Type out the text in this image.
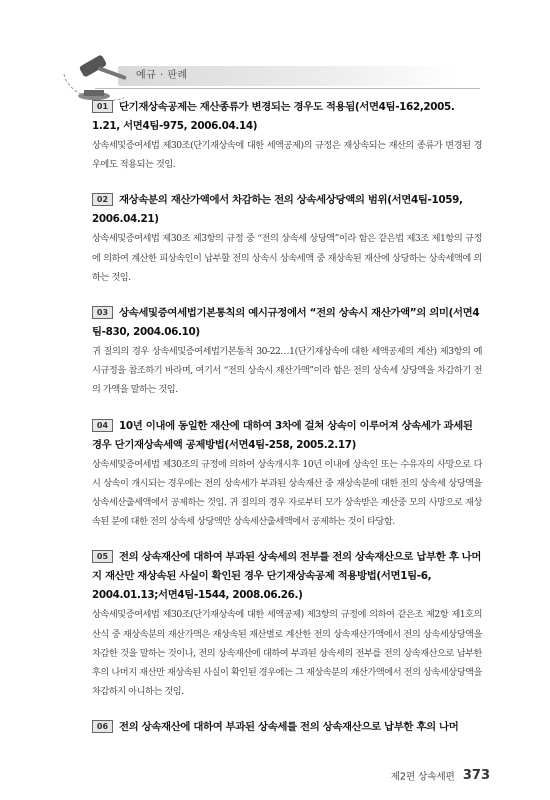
예규 · 판례
01 단기재상속공제는 재산종류가 변경되는 경우도 적용됨(서면4팀-162,2005. 1.21, 서면4팀-975, 2006.04.14)
상속세및증여세법 제30조(단기재상속에 대한 세액공제)의 규정은 재상속되는 재산의 종류가 변경된 경우에도 적용되는 것임.
02 재상속분의 재산가액에서 차감하는 전의 상속세상당액의 범위(서면4팀-1059, 2006.04.21)
상속세및증여세법 제30조 제3항의 규정 중 “전의 상속세 상당액”이라 함은 같은법 제3조 제1항의 규정에 의하여 계산한 피상속인이 납부할 전의 상속시 상속세액 중 재상속된 재산에 상당하는 상속세액에 의하는 것임.
03 상속세및증여세법기본통칙의 예시규정에서 “전의 상속시 재산가액”의 의미(서면4팀-830, 2004.06.10)
귀 질의의 경우 상속세및증여세법기본통칙 30-22…1(단기재상속에 대한 세액공제의 계산) 제3항의 예시규정을 참조하기 바라며, 여기서 “전의 상속시 재산가액”이라 함은 전의 상속세 상당액을 차감하기 전의 가액을 말하는 것임.
04 10년 이내에 동일한 재산에 대하여 3차에 걸쳐 상속이 이루어져 상속세가 과세된 경우 단기재상속세액 공제방법(서면4팀-258, 2005.2.17)
상속세및증여세법 제30조의 규정에 의하여 상속개시후 10년 이내에 상속인 또는 수유자의 사망으로 다시 상속이 개시되는 경우에는 전의 상속세가 부과된 상속재산 중 재상속분에 대한 전의 상속세 상당액을 상속세산출세액에서 공제하는 것임. 귀 질의의 경우 자로부터 모가 상속받은 재산중 모의 사망으로 재상속된 분에 대한 전의 상속세 상당액만 상속세산출세액에서 공제하는 것이 타당함.
05 전의 상속재산에 대하여 부과된 상속세의 전부를 전의 상속재산으로 납부한 후 나머지 재산만 재상속된 사실이 확인된 경우 단기재상속공제 적용방법(서면1팀-6, 2004.01.13;서면4팀-1544, 2008.06.26.)
상속세및증여세법 제30조(단기재상속에 대한 세액공제) 제3항의 규정에 의하여 같은조 제2항 제1호의 산식 중 재상속분의 재산가액은 재상속된 재산별로 계산한 전의 상속재산가액에서 전의 상속세상당액을 차감한 것을 말하는 것이나, 전의 상속재산에 대하여 부과된 상속세의 전부를 전의 상속재산으로 납부한 후의 나머지 재산만 재상속된 사실이 확인된 경우에는 그 재상속분의 재산가액에서 전의 상속세상당액을 차감하지 아니하는 것임.
06 전의 상속재산에 대하여 부과된 상속세를 전의 상속재산으로 납부한 후의 나머
제2편 상속세편 373
